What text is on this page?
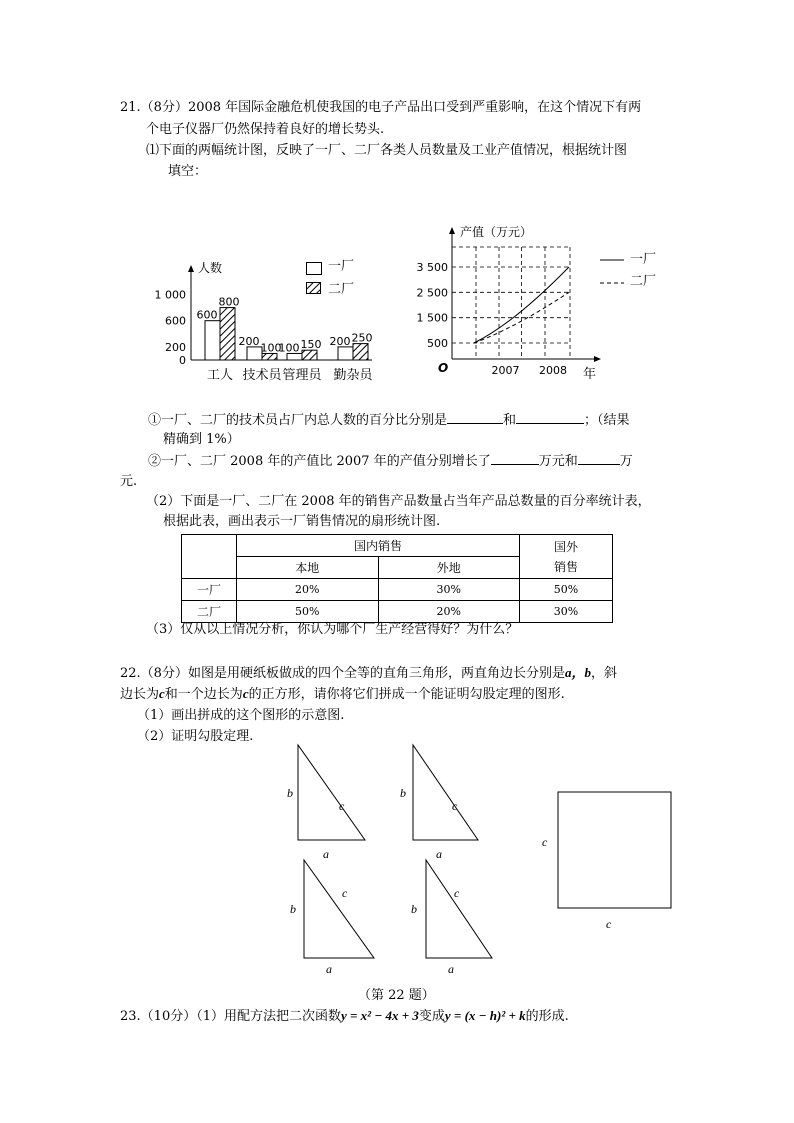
21.（8分）2008 年国际金融危机使我国的电子产品出口受到严重影响，在这个情况下有两
个电子仪器厂仍然保持着良好的增长势头.
⑴下面的两幅统计图，反映了一厂、二厂各类人员数量及工业产值情况，根据统计图
填空：
人数
0
200
600
1 000
600
800
工人
200
100
技术员
100 150
管理员
200 250
勤杂员
一厂
二厂
产值（万元）
500
1 500
2 500
3 500
2007 2008
O	年
一厂
二厂
①一厂、二厂的技术员占厂内总人数的百分比分别是	和	；（结果
精确到 1%）
②一厂、二厂 2008 年的产值比 2007 年的产值分别增长了	万元和	万
元.
（2）下面是一厂、二厂在 2008 年的销售产品数量占当年产品总数量的百分率统计表，
根据此表，画出表示一厂销售情况的扇形统计图.
	国内销售		国外
销售
	本地	外地	
一厂	20%	30%	50%
二厂	50%	20%	30%
（3）仅从以上情况分析，你认为哪个厂生产经营得好？为什么？
22.（8分）如图是用硬纸板做成的四个全等的直角三角形，两直角边长分别是a，b，斜
边长为c和一个边长为c的正方形，请你将它们拼成一个能证明勾股定理的图形.
（1）画出拼成的这个图形的示意图.
（2）证明勾股定理.
b
c
a
b
c
a
b
c
a
b
c
a
c
c
（第 22 题）
23.（10分）（1）用配方法把二次函数y = x² − 4x + 3变成y = (x − h)² + k的形成.
